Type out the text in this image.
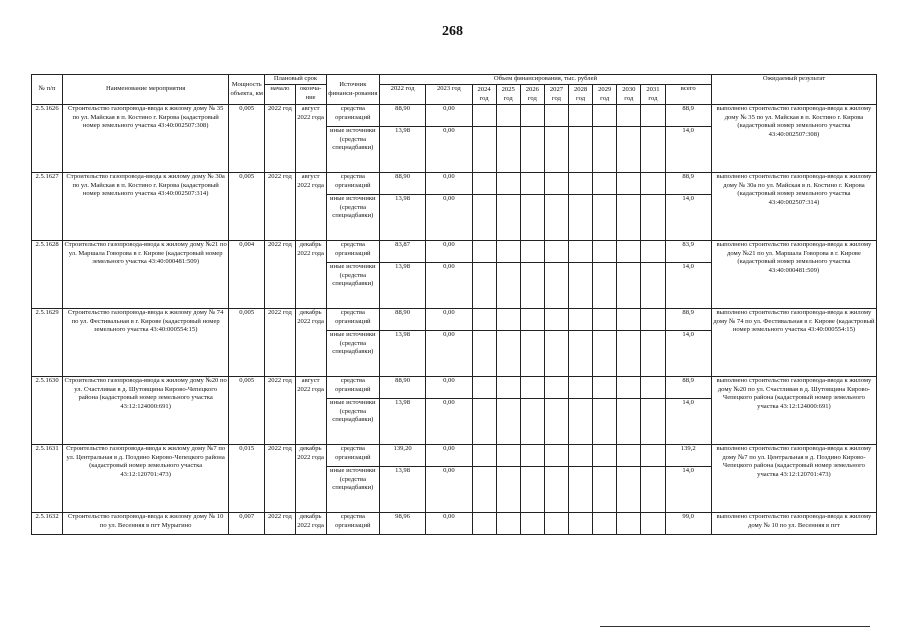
268
№ п/п	Наименование мероприятия	Мощность объекта, км	Плановый срок		Источник финанси-рования	Объем финансирования, тыс. рублей											Ожидаемый результат
			начало	оконча-ние		2022 год	2023 год	2024 год	2025 год	2026 год	2027 год	2028 год	2029 год	2030 год	2031 год	всего	
2.5.1626	Строительство газопровода-ввода к жилому дому № 35 по ул. Майская в п. Костино г. Кирова (кадастровый номер земельного участка 43:40:002507:308)	0,005	2022 год	август 2022 года	средства организаций	88,90	0,00									88,9	выполнено строительство газопровода-ввода к жилому дому № 35 по ул. Майская в п. Костино г. Кирова (кадастровый номер земельного участка 43:40:002507:308)
					иные источники (средства спецнадбавки)	13,98	0,00									14,0	
2.5.1627	Строительство газопровода-ввода к жилому дому № 30а по ул. Майская в п. Костино г. Кирова (кадастровый номер земельного участка 43:40:002507:314)	0,005	2022 год	август 2022 года	средства организаций	88,90	0,00									88,9	выполнено строительство газопровода-ввода к жилому дому № 30а по ул. Майская в п. Костино г. Кирова (кадастровый номер земельного участка 43:40:002507:314)
					иные источники (средства спецнадбавки)	13,98	0,00									14,0	
2.5.1628	Строительство газопровода-ввода к жилому дому №21 по ул. Маршала Говорова в г. Кирове (кадастровый номер земельного участка 43:40:000481:509)	0,004	2022 год	декабрь 2022 года	средства организаций	83,87	0,00									83,9	выполнено строительство газопровода-ввода к жилому дому №21 по ул. Маршала Говорова в г. Кирове (кадастровый номер земельного участка 43:40:000481:509)
					иные источники (средства спецнадбавки)	13,98	0,00									14,0	
2.5.1629	Строительство газопровода-ввода к жилому дому № 74 по ул. Фестивальная в г. Кирове (кадастровый номер земельного участка 43:40:000554:15)	0,005	2022 год	декабрь 2022 года	средства организаций	88,90	0,00									88,9	выполнено строительство газопровода-ввода к жилому дому № 74 по ул. Фестивальная в г. Кирове (кадастровый номер земельного участка 43:40:000554:15)
					иные источники (средства спецнадбавки)	13,98	0,00									14,0	
2.5.1630	Строительство газопровода-ввода к жилому дому №20 по ул. Счастливая в д. Шутовщина Кирово-Чепецкого района (кадастровый номер земельного участка 43:12:124000:691)	0,005	2022 год	август 2022 года	средства организаций	88,90	0,00									88,9	выполнено строительство газопровода-ввода к жилому дому №20 по ул. Счастливая в д. Шутовщина Кирово-Чепецкого района (кадастровый номер земельного участка 43:12:124000:691)
					иные источники (средства спецнадбавки)	13,98	0,00									14,0	
2.5.1631	Строительство газопровода-ввода к жилому дому №7 по ул. Центральная в д. Поздино Кирово-Чепецкого района (кадастровый номер земельного участка 43:12:120701:473)	0,015	2022 год	декабрь 2022 года	средства организаций	139,20	0,00									139,2	выполнено строительство газопровода-ввода к жилому дому №7 по ул. Центральная в д. Поздино Кирово-Чепецкого района (кадастровый номер земельного участка 43:12:120701:473)
					иные источники (средства спецнадбавки)	13,98	0,00									14,0	
2.5.1632	Строительство газопровода-ввода к жилому дому № 10 по ул. Весенняя в пгт Мурыгино	0,007	2022 год	декабрь 2022 года	средства организаций	98,96	0,00									99,0	выполнено строительство газопровода-ввода к жилому дому № 10 по ул. Весенняя в пгт
